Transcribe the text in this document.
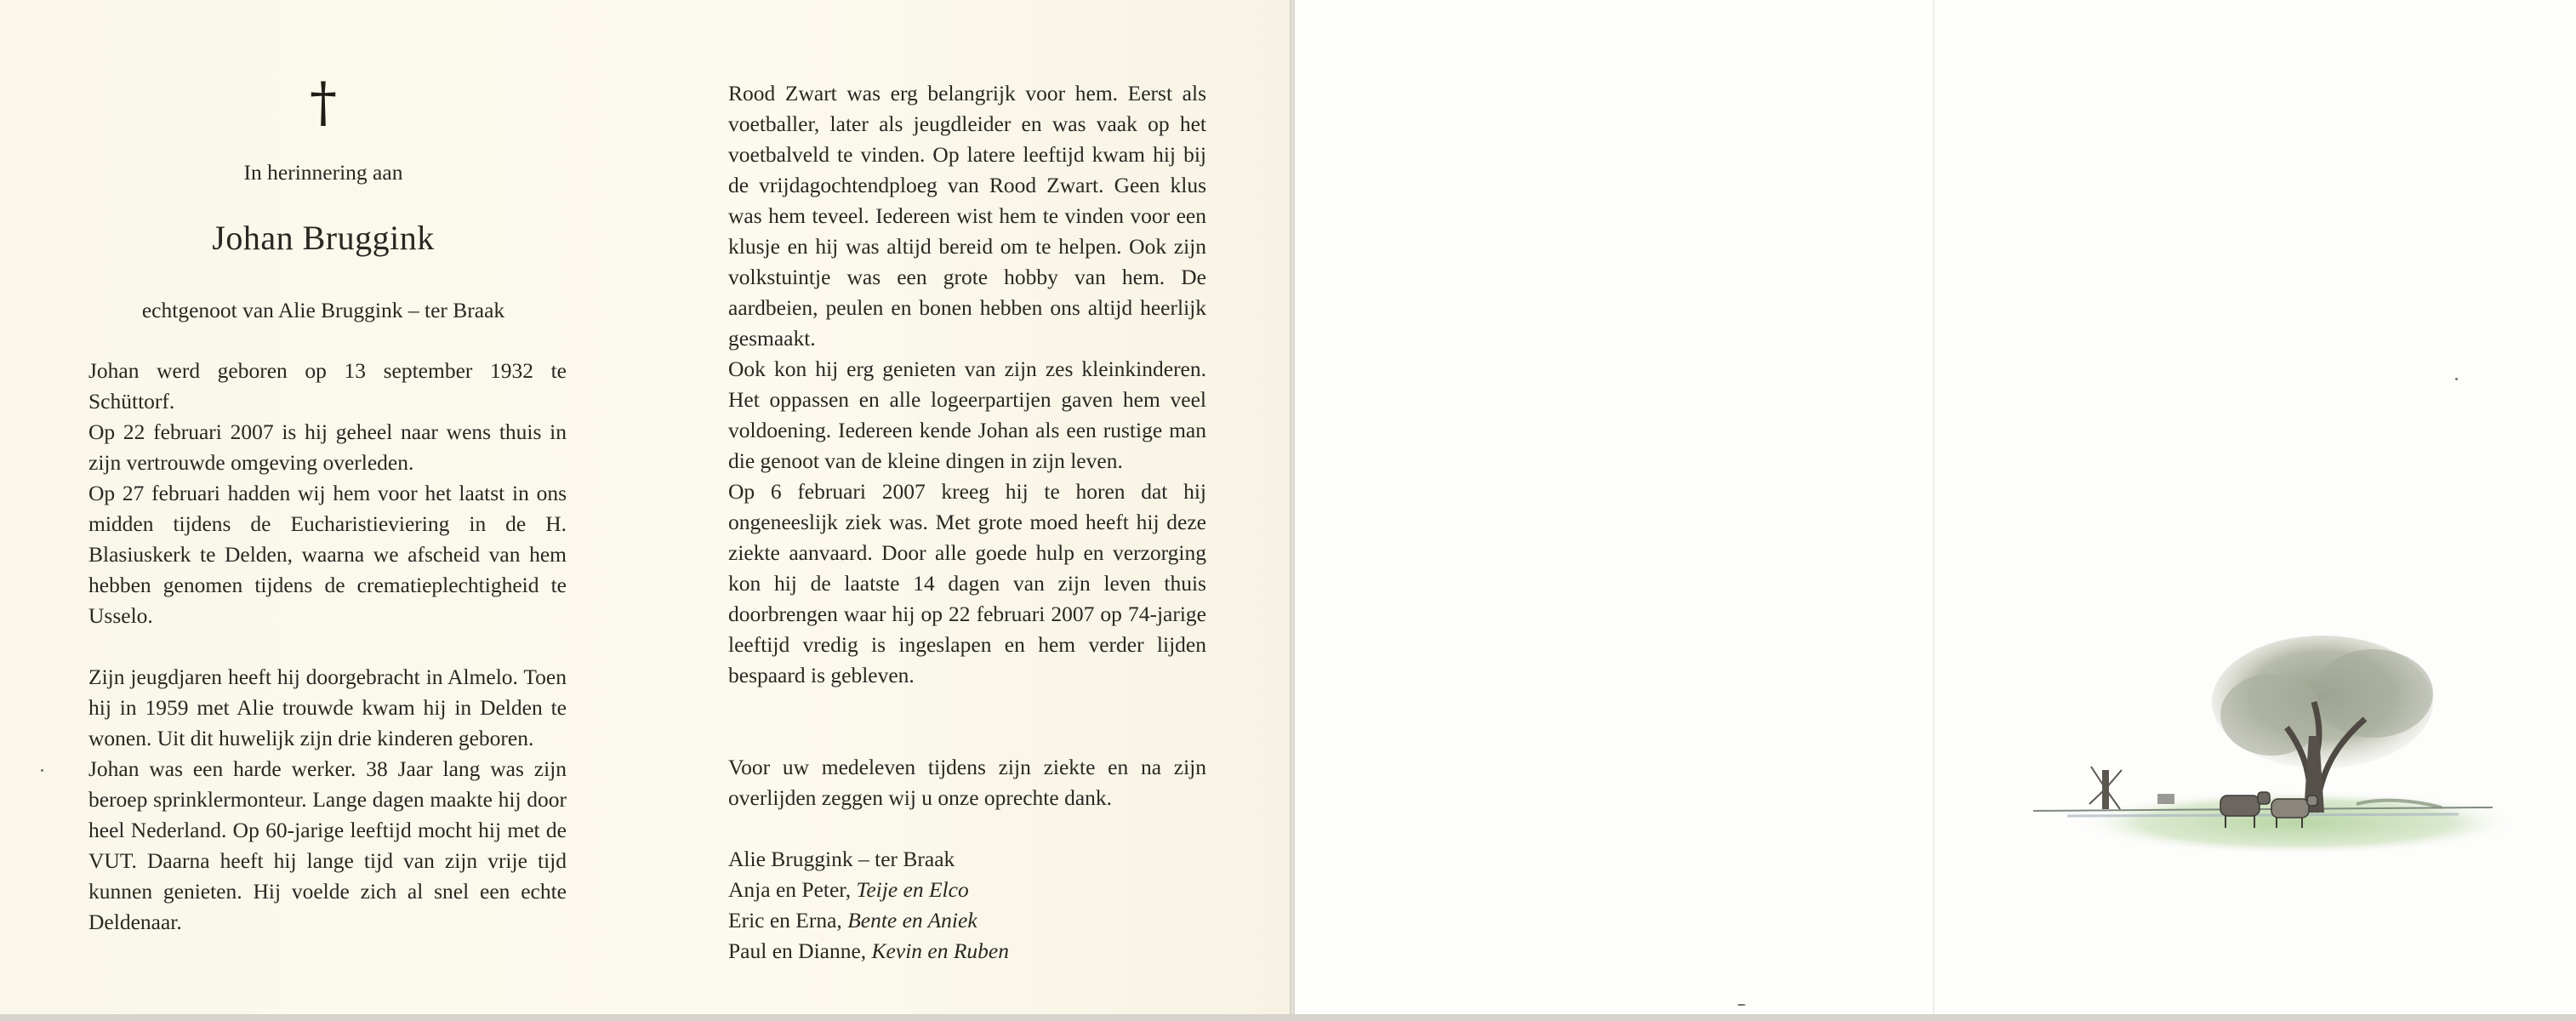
†
In herinnering aan
Johan Bruggink
echtgenoot van Alie Bruggink – ter Braak

Johan werd geboren op 13 september 1932 te Schüttorf.

Op 22 februari 2007 is hij geheel naar wens thuis in zijn vertrouwde omgeving overleden.

Op 27 februari hadden wij hem voor het laatst in ons midden tijdens de Eucharistieviering in de H. Blasiuskerk te Delden, waarna we afscheid van hem hebben genomen tijdens de crematieplechtigheid te Usselo.

Zijn jeugdjaren heeft hij doorgebracht in Almelo. Toen hij in 1959 met Alie trouwde kwam hij in Delden te wonen. Uit dit huwelijk zijn drie kinderen geboren.

Johan was een harde werker. 38 Jaar lang was zijn beroep sprinklermonteur. Lange dagen maakte hij door heel Nederland. Op 60-jarige leeftijd mocht hij met de VUT. Daarna heeft hij lange tijd van zijn vrije tijd kunnen genieten. Hij voelde zich al snel een echte Deldenaar.

Rood Zwart was erg belangrijk voor hem. Eerst als voetballer, later als jeugdleider en was vaak op het voetbalveld te vinden. Op latere leeftijd kwam hij bij de vrijdagochtendploeg van Rood Zwart. Geen klus was hem teveel. Iedereen wist hem te vinden voor een klusje en hij was altijd bereid om te helpen. Ook zijn volkstuintje was een grote hobby van hem. De aardbeien, peulen en bonen hebben ons altijd heerlijk gesmaakt.

Ook kon hij erg genieten van zijn zes kleinkinderen. Het oppassen en alle logeerpartijen gaven hem veel voldoening. Iedereen kende Johan als een rustige man die genoot van de kleine dingen in zijn leven.

Op 6 februari 2007 kreeg hij te horen dat hij ongeneeslijk ziek was. Met grote moed heeft hij deze ziekte aanvaard. Door alle goede hulp en verzorging kon hij de laatste 14 dagen van zijn leven thuis doorbrengen waar hij op 22 februari 2007 op 74-jarige leeftijd vredig is ingeslapen en hem verder lijden bespaard is gebleven.

Voor uw medeleven tijdens zijn ziekte en na zijn overlijden zeggen wij u onze oprechte dank.

Alie Bruggink – ter Braak

Anja en Peter, Teije en Elco

Eric en Erna, Bente en Aniek

Paul en Dianne, Kevin en Ruben
